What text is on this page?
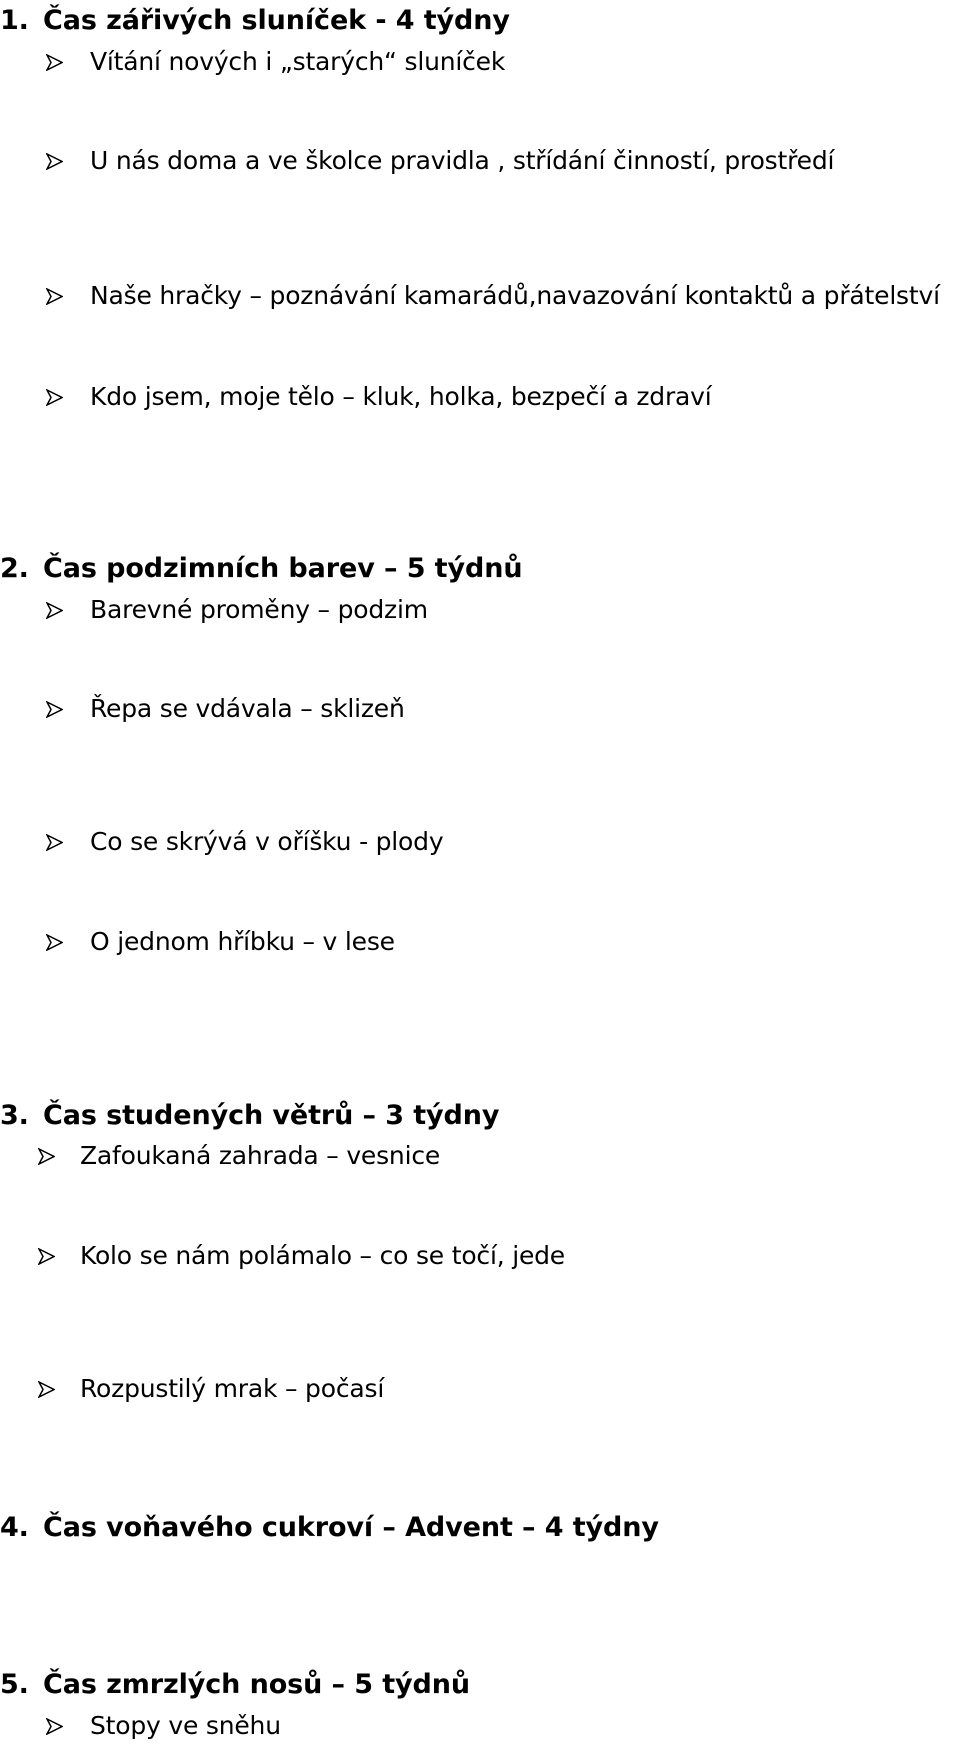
1. Čas zářivých sluníček - 4 týdny
Vítání nových i „starých“ sluníček
U nás doma a ve školce pravidla , střídání činností, prostředí
Naše hračky – poznávání kamarádů,navazování kontaktů a přátelství
Kdo jsem, moje tělo – kluk, holka, bezpečí a zdraví
2. Čas podzimních barev – 5 týdnů
Barevné proměny – podzim
Řepa se vdávala – sklizeň
Co se skrývá v oříšku - plody
O jednom hříbku – v lese
3. Čas studených větrů – 3 týdny
Zafoukaná zahrada – vesnice
Kolo se nám polámalo – co se točí, jede
Rozpustilý mrak – počasí
4. Čas voňavého cukroví – Advent – 4 týdny
5. Čas zmrzlých nosů – 5 týdnů
Stopy ve sněhu
